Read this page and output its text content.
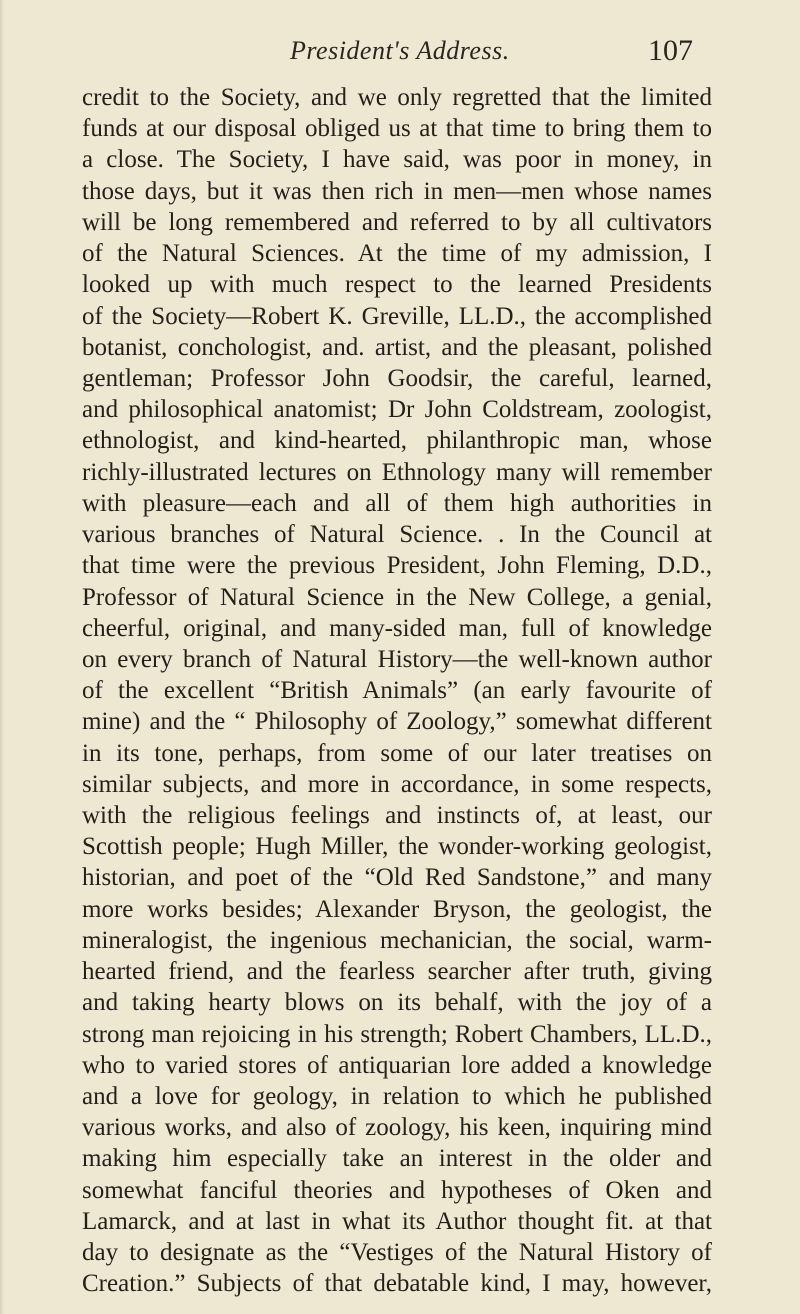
President's Address.	107
credit to the Society, and we only regretted that the limited
funds at our disposal obliged us at that time to bring them to
a close. The Society, I have said, was poor in money, in
those days, but it was then rich in men—men whose names
will be long remembered and referred to by all cultivators
of the Natural Sciences. At the time of my admission, I
looked up with much respect to the learned Presidents
of the Society—Robert K. Greville, LL.D., the accomplished
botanist, conchologist, and. artist, and the pleasant, polished
gentleman; Professor John Goodsir, the careful, learned,
and philosophical anatomist; Dr John Coldstream, zoologist,
ethnologist, and kind-hearted, philanthropic man, whose
richly-illustrated lectures on Ethnology many will remember
with pleasure—each and all of them high authorities in
various branches of Natural Science. . In the Council at
that time were the previous President, John Fleming, D.D.,
Professor of Natural Science in the New College, a genial,
cheerful, original, and many-sided man, full of knowledge
on every branch of Natural History—the well-known author
of the excellent “British Animals” (an early favourite of
mine) and the “ Philosophy of Zoology,” somewhat different
in its tone, perhaps, from some of our later treatises on
similar subjects, and more in accordance, in some respects,
with the religious feelings and instincts of, at least, our
Scottish people; Hugh Miller, the wonder-working geologist,
historian, and poet of the “Old Red Sandstone,” and many
more works besides; Alexander Bryson, the geologist, the
mineralogist, the ingenious mechanician, the social, warm-
hearted friend, and the fearless searcher after truth, giving
and taking hearty blows on its behalf, with the joy of a
strong man rejoicing in his strength; Robert Chambers, LL.D.,
who to varied stores of antiquarian lore added a knowledge
and a love for geology, in relation to which he published
various works, and also of zoology, his keen, inquiring mind
making him especially take an interest in the older and
somewhat fanciful theories and hypotheses of Oken and
Lamarck, and at last in what its Author thought fit. at that
day to designate as the “Vestiges of the Natural History of
Creation.” Subjects of that debatable kind, I may, however,
